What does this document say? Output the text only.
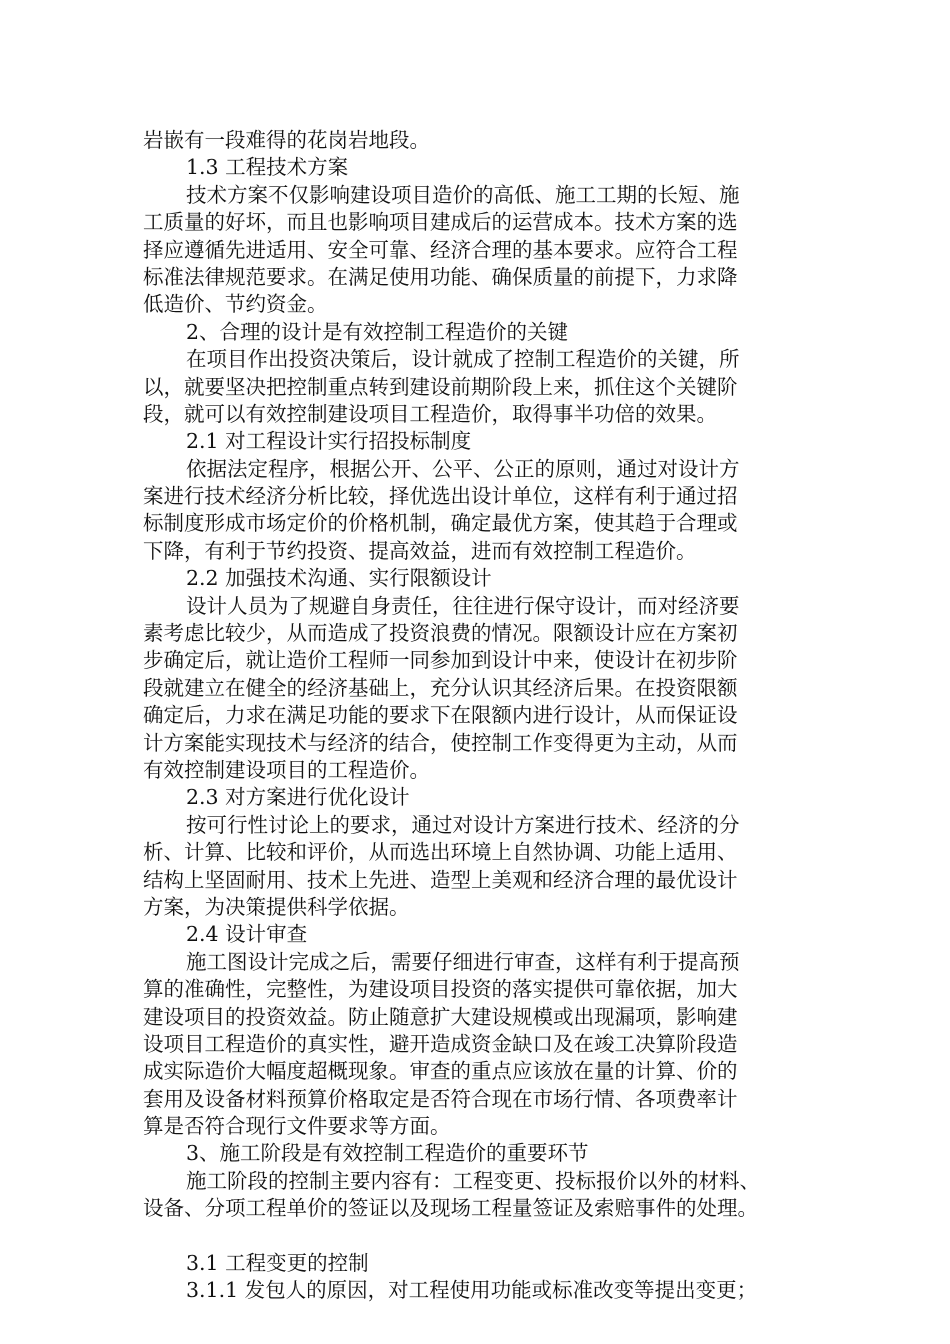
岩嵌有一段难得的花岗岩地段。
1.3 工程技术方案
技术方案不仅影响建设项目造价的高低、施工工期的长短、施
工质量的好坏，而且也影响项目建成后的运营成本。技术方案的选
择应遵循先进适用、安全可靠、经济合理的基本要求。应符合工程
标准法律规范要求。在满足使用功能、确保质量的前提下，力求降
低造价、节约资金。
2、合理的设计是有效控制工程造价的关键
在项目作出投资决策后，设计就成了控制工程造价的关键，所
以，就要坚决把控制重点转到建设前期阶段上来，抓住这个关键阶
段，就可以有效控制建设项目工程造价，取得事半功倍的效果。
2.1 对工程设计实行招投标制度
依据法定程序，根据公开、公平、公正的原则，通过对设计方
案进行技术经济分析比较，择优选出设计单位，这样有利于通过招
标制度形成市场定价的价格机制，确定最优方案，使其趋于合理或
下降，有利于节约投资、提高效益，进而有效控制工程造价。
2.2 加强技术沟通、实行限额设计
设计人员为了规避自身责任，往往进行保守设计，而对经济要
素考虑比较少，从而造成了投资浪费的情况。限额设计应在方案初
步确定后，就让造价工程师一同参加到设计中来，使设计在初步阶
段就建立在健全的经济基础上，充分认识其经济后果。在投资限额
确定后，力求在满足功能的要求下在限额内进行设计，从而保证设
计方案能实现技术与经济的结合，使控制工作变得更为主动，从而
有效控制建设项目的工程造价。
2.3 对方案进行优化设计
按可行性讨论上的要求，通过对设计方案进行技术、经济的分
析、计算、比较和评价，从而选出环境上自然协调、功能上适用、
结构上坚固耐用、技术上先进、造型上美观和经济合理的最优设计
方案，为决策提供科学依据。
2.4 设计审查
施工图设计完成之后，需要仔细进行审查，这样有利于提高预
算的准确性，完整性，为建设项目投资的落实提供可靠依据，加大
建设项目的投资效益。防止随意扩大建设规模或出现漏项，影响建
设项目工程造价的真实性，避开造成资金缺口及在竣工决算阶段造
成实际造价大幅度超概现象。审查的重点应该放在量的计算、价的
套用及设备材料预算价格取定是否符合现在市场行情、各项费率计
算是否符合现行文件要求等方面。
3、施工阶段是有效控制工程造价的重要环节
施工阶段的控制主要内容有：工程变更、投标报价以外的材料、
设备、分项工程单价的签证以及现场工程量签证及索赔事件的处理。
3.1 工程变更的控制
3.1.1 发包人的原因，对工程使用功能或标准改变等提出变更；
